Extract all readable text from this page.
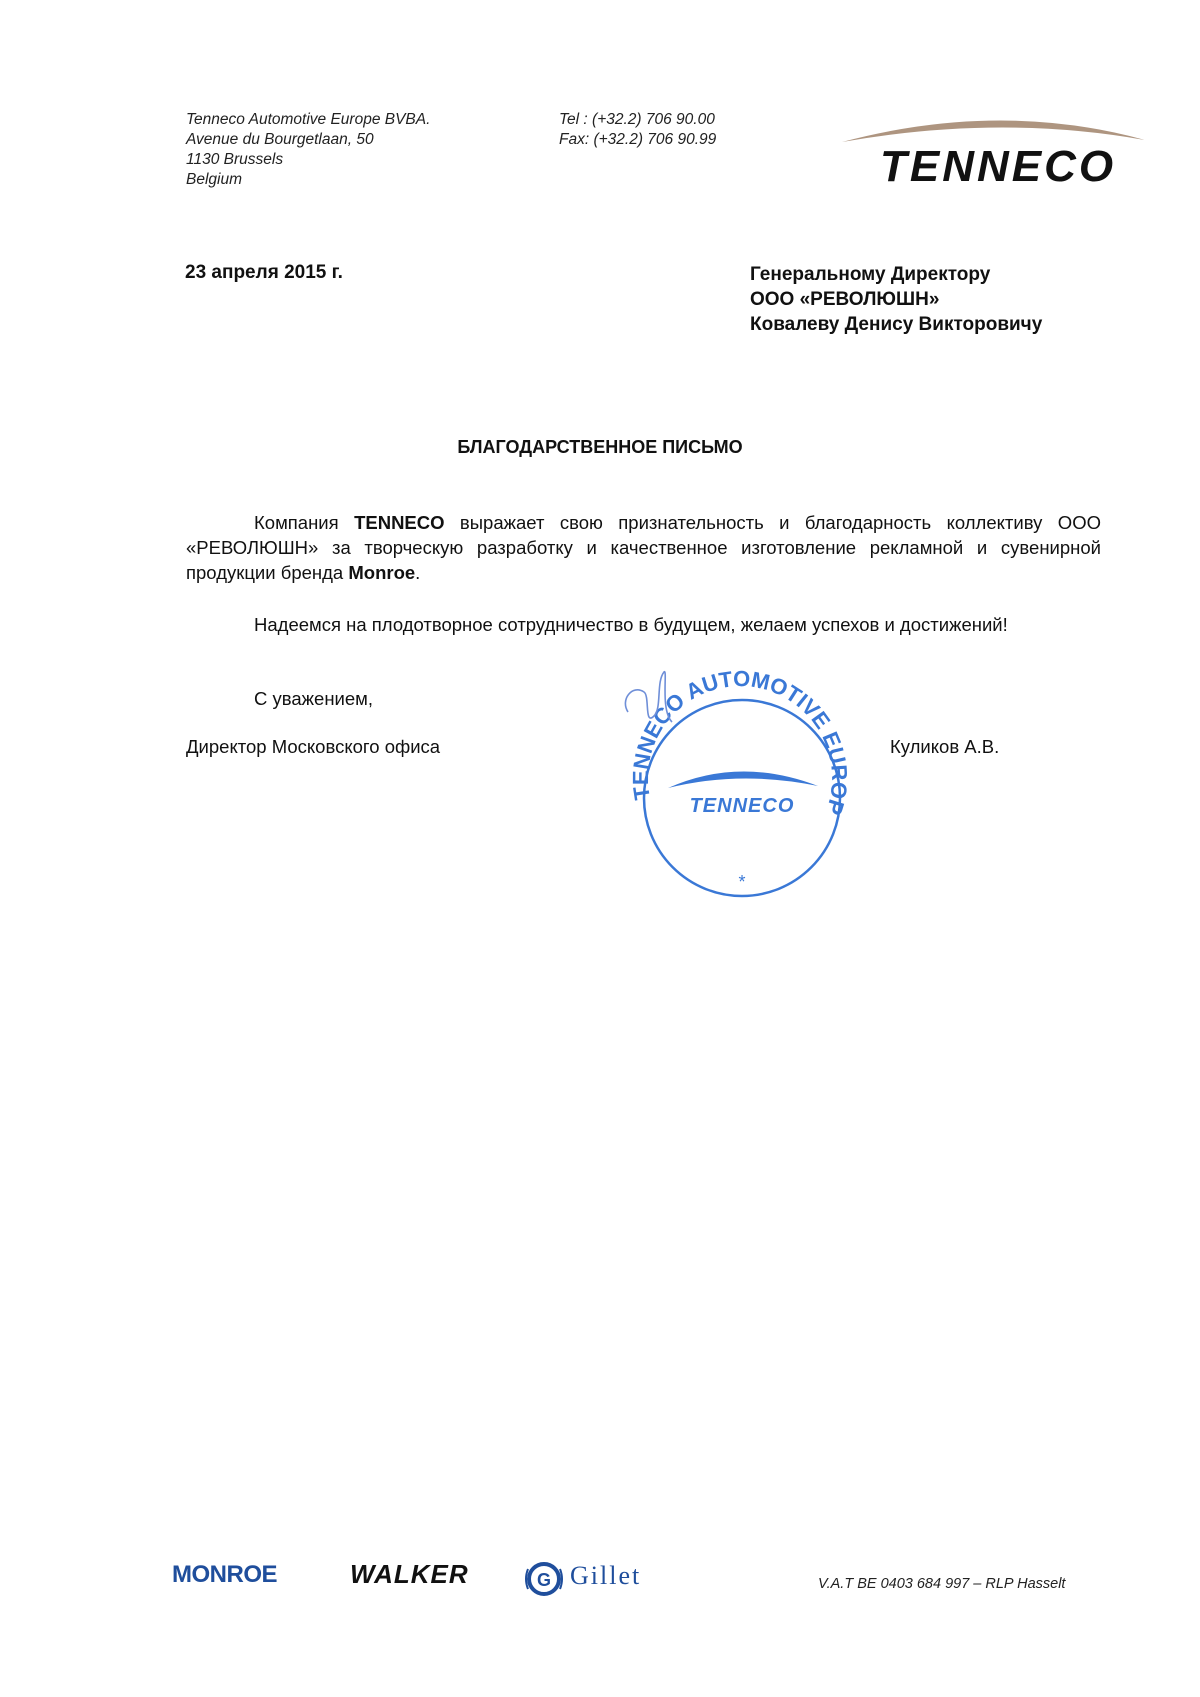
Tenneco Automotive Europe BVBA.
Avenue du Bourgetlaan, 50
1130 Brussels
Belgium
Tel : (+32.2) 706 90.00
Fax: (+32.2) 706 90.99
TENNECO
23 апреля 2015 г.	Генеральному Директору
ООО «РЕВОЛЮШН»
Ковалеву Денису Викторовичу
БЛАГОДАРСТВЕННОЕ ПИСЬМО
Компания TENNECO выражает свою признательность и благодарность коллективу ООО «РЕВОЛЮШН» за творческую разработку и качественное изготовление рекламной и сувенирной продукции бренда Monroe.
Надеемся на плодотворное сотрудничество в будущем, желаем успехов и достижений!
С уважением,
Директор Московского офиса	Куликов А.В.
TENNECO AUTOMOTIVE EUROP
TENNECO
*
MONROE	WALKER	G Gillet	V.A.T BE 0403 684 997 – RLP Hasselt
